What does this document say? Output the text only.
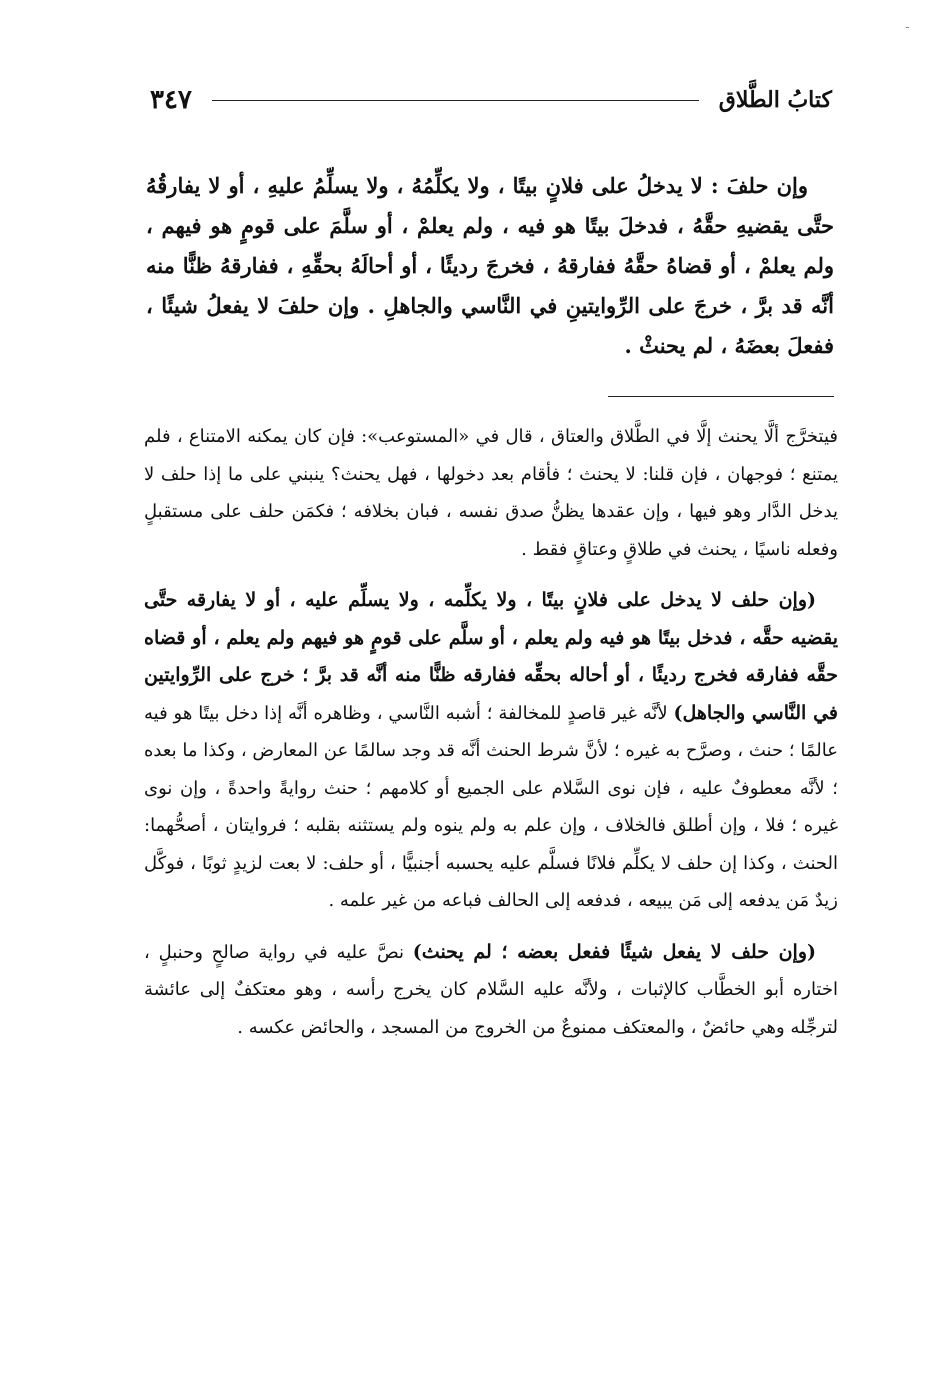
ـ
كتابُ الطَّلاق
٣٤٧
وإن حلفَ : لا يدخلُ على فلانٍ بيتًا ، ولا يكلِّمُهُ ، ولا يسلِّمُ عليهِ ، أو لا يفارقُهُ حتَّى يقضيهِ حقَّهُ ، فدخلَ بيتًا هو فيه ، ولم يعلمْ ، أو سلَّمَ على قومٍ هو فيهم ، ولم يعلمْ ، أو قضاهُ حقَّهُ ففارقهُ ، فخرجَ رديئًا ، أو أحالَهُ بحقِّهِ ، ففارقهُ ظنًّا منه أنَّه قد برَّ ، خرجَ على الرِّوايتينِ في النَّاسي والجاهلِ . وإن حلفَ لا يفعلُ شيئًا ، ففعلَ بعضَهُ ، لم يحنثْ .

فيتخرَّج ألَّا يحنث إلَّا في الطَّلاق والعتاق ، قال في «المستوعب»: فإن كان يمكنه الامتناع ، فلم يمتنع ؛ فوجهان ، فإن قلنا: لا يحنث ؛ فأقام بعد دخولها ، فهل يحنث؟ ينبني على ما إذا حلف لا يدخل الدَّار وهو فيها ، وإن عقدها يظنُّ صدق نفسه ، فبان بخلافه ؛ فكمَن حلف على مستقبلٍ وفعله ناسيًا ، يحنث في طلاقٍ وعتاقٍ فقط .

(وإن حلف لا يدخل على فلانٍ بيتًا ، ولا يكلِّمه ، ولا يسلِّم عليه ، أو لا يفارقه حتَّى يقضيه حقَّه ، فدخل بيتًا هو فيه ولم يعلم ، أو سلَّم على قومٍ هو فيهم ولم يعلم ، أو قضاه حقَّه ففارقه فخرج رديئًا ، أو أحاله بحقِّه ففارقه ظنًّا منه أنَّه قد برَّ ؛ خرج على الرِّوايتين في النَّاسي والجاهل) لأنَّه غير قاصدٍ للمخالفة ؛ أشبه النَّاسي ، وظاهره أنَّه إذا دخل بيتًا هو فيه عالمًا ؛ حنث ، وصرَّح به غيره ؛ لأنَّ شرط الحنث أنَّه قد وجد سالمًا عن المعارض ، وكذا ما بعده ؛ لأنَّه معطوفٌ عليه ، فإن نوى السَّلام على الجميع أو كلامهم ؛ حنث روايةً واحدةً ، وإن نوى غيره ؛ فلا ، وإن أطلق فالخلاف ، وإن علم به ولم ينوه ولم يستثنه بقلبه ؛ فروايتان ، أصحُّهما: الحنث ، وكذا إن حلف لا يكلِّم فلانًا فسلَّم عليه يحسبه أجنبيًّا ، أو حلف: لا بعت لزيدٍ ثوبًا ، فوكَّل زيدٌ مَن يدفعه إلى مَن يبيعه ، فدفعه إلى الحالف فباعه من غير علمه .

(وإن حلف لا يفعل شيئًا ففعل بعضه ؛ لم يحنث) نصَّ عليه في رواية صالحٍ وحنبلٍ ، اختاره أبو الخطَّاب كالإثبات ، ولأنَّه عليه السَّلام كان يخرج رأسه ، وهو معتكفٌ إلى عائشة لترجِّله وهي حائضٌ ، والمعتكف ممنوعٌ من الخروج من المسجد ، والحائض عكسه .
